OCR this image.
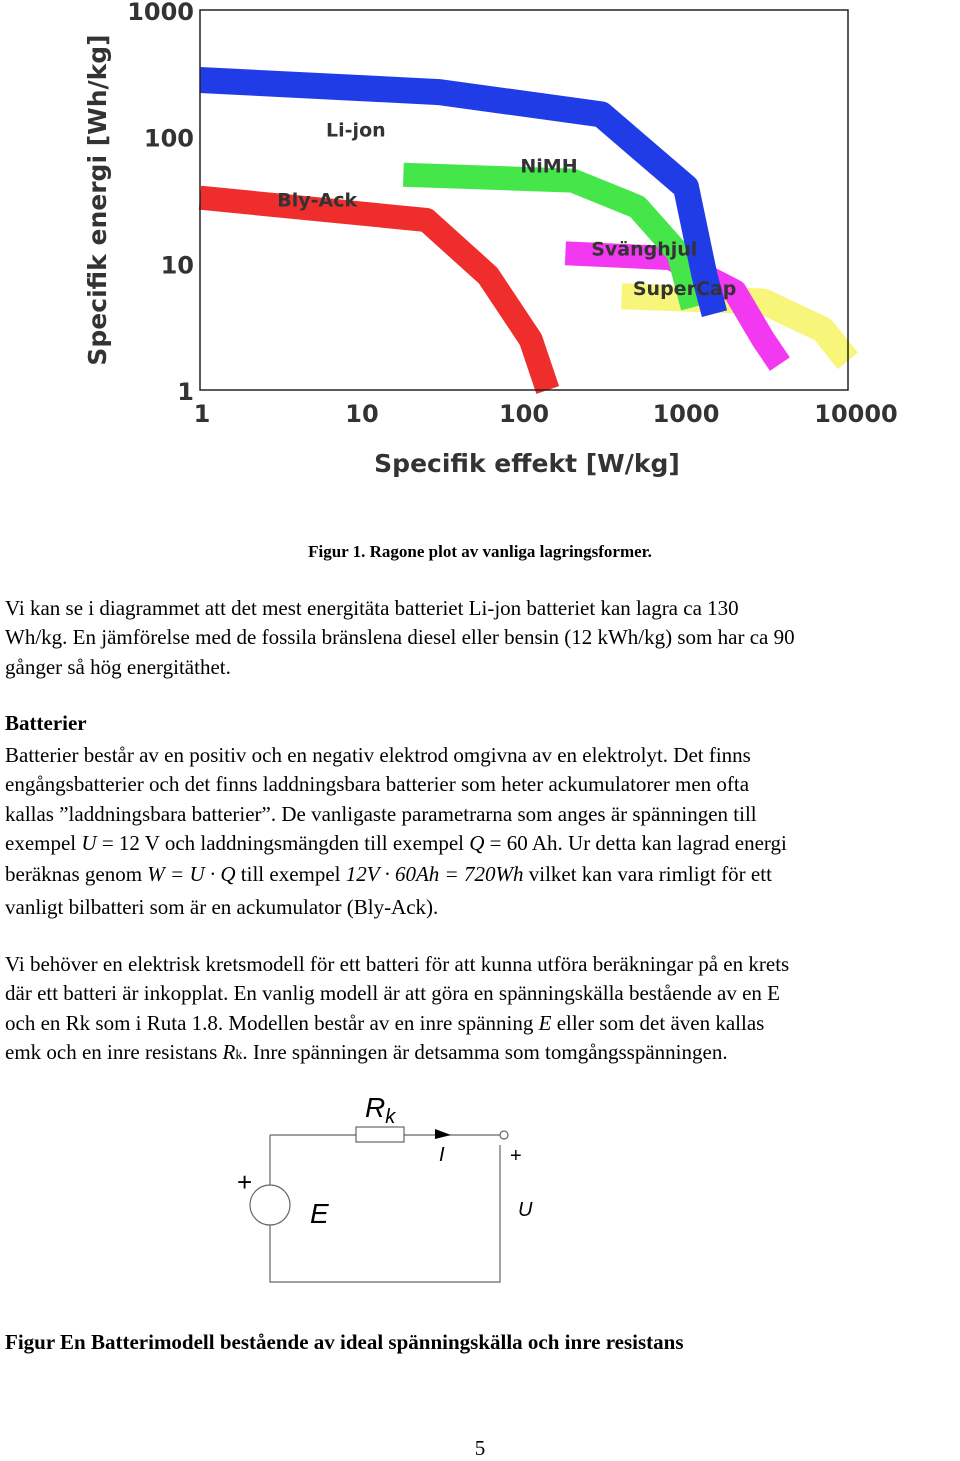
Li-jon
NiMH
Bly-Ack
Svänghjul
SuperCap
1
10
100
1000
1	10	100	1000	10000
Specifik effekt [W/kg]
Specifik energi [Wh/kg]
Figur 1. Ragone plot av vanliga lagringsformer.
Vi kan se i diagrammet att det mest energitäta batteriet Li-jon batteriet kan lagra ca 130
Wh/kg. En jämförelse med de fossila bränslena diesel eller bensin (12 kWh/kg) som har ca 90
gånger så hög energitäthet.
Batterier
Batterier består av en positiv och en negativ elektrod omgivna av en elektrolyt. Det finns
engångsbatterier och det finns laddningsbara batterier som heter ackumulatorer men ofta
kallas ”laddningsbara batterier”. De vanligaste parametrarna som anges är spänningen till
exempel U = 12 V och laddningsmängden till exempel Q = 60 Ah. Ur detta kan lagrad energi
beräknas genom W = U · Q till exempel 12V · 60Ah = 720Wh vilket kan vara rimligt för ett
vanligt bilbatteri som är en ackumulator (Bly-Ack).
Vi behöver en elektrisk kretsmodell för ett batteri för att kunna utföra beräkningar på en krets
där ett batteri är inkopplat. En vanlig modell är att göra en spänningskälla bestående av en E
och en Rk som i Ruta 1.8. Modellen består av en inre spänning E eller som det även kallas
emk och en inre resistans Rk. Inre spänningen är detsamma som tomgångsspänningen.
$R_k$
I
+
+
E	U
Figur En Batterimodell bestående av ideal spänningskälla och inre resistans
5
